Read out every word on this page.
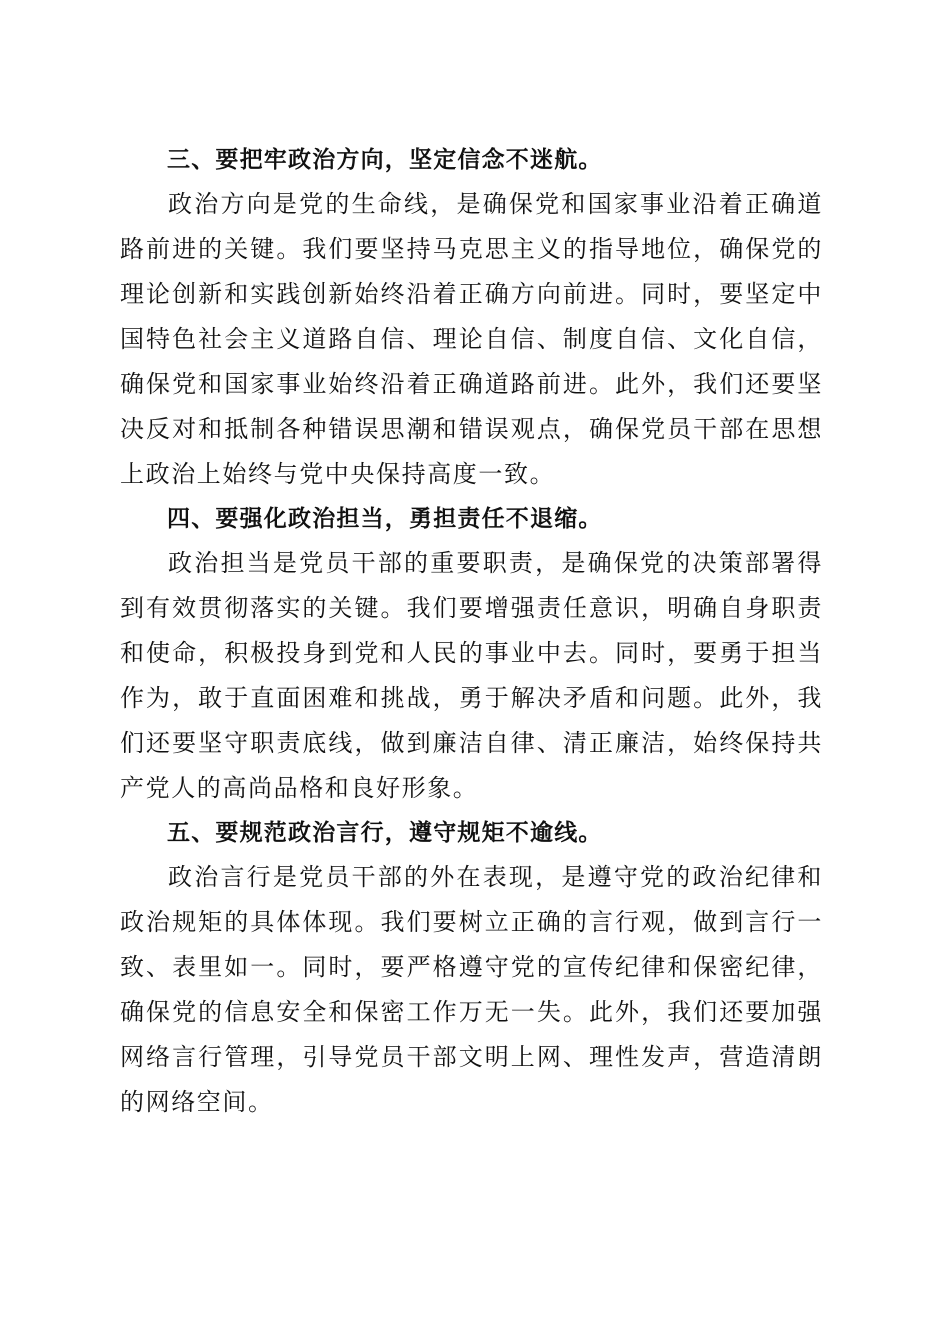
三、要把牢政治方向，坚定信念不迷航。

政治方向是党的生命线，是确保党和国家事业沿着正确道路前进的关键。我们要坚持马克思主义的指导地位，确保党的理论创新和实践创新始终沿着正确方向前进。同时，要坚定中国特色社会主义道路自信、理论自信、制度自信、文化自信，确保党和国家事业始终沿着正确道路前进。此外，我们还要坚决反对和抵制各种错误思潮和错误观点，确保党员干部在思想上政治上始终与党中央保持高度一致。

四、要强化政治担当，勇担责任不退缩。

政治担当是党员干部的重要职责，是确保党的决策部署得到有效贯彻落实的关键。我们要增强责任意识，明确自身职责和使命，积极投身到党和人民的事业中去。同时，要勇于担当作为，敢于直面困难和挑战，勇于解决矛盾和问题。此外，我们还要坚守职责底线，做到廉洁自律、清正廉洁，始终保持共产党人的高尚品格和良好形象。

五、要规范政治言行，遵守规矩不逾线。

政治言行是党员干部的外在表现，是遵守党的政治纪律和政治规矩的具体体现。我们要树立正确的言行观，做到言行一致、表里如一。同时，要严格遵守党的宣传纪律和保密纪律，确保党的信息安全和保密工作万无一失。此外，我们还要加强网络言行管理，引导党员干部文明上网、理性发声，营造清朗的网络空间。
